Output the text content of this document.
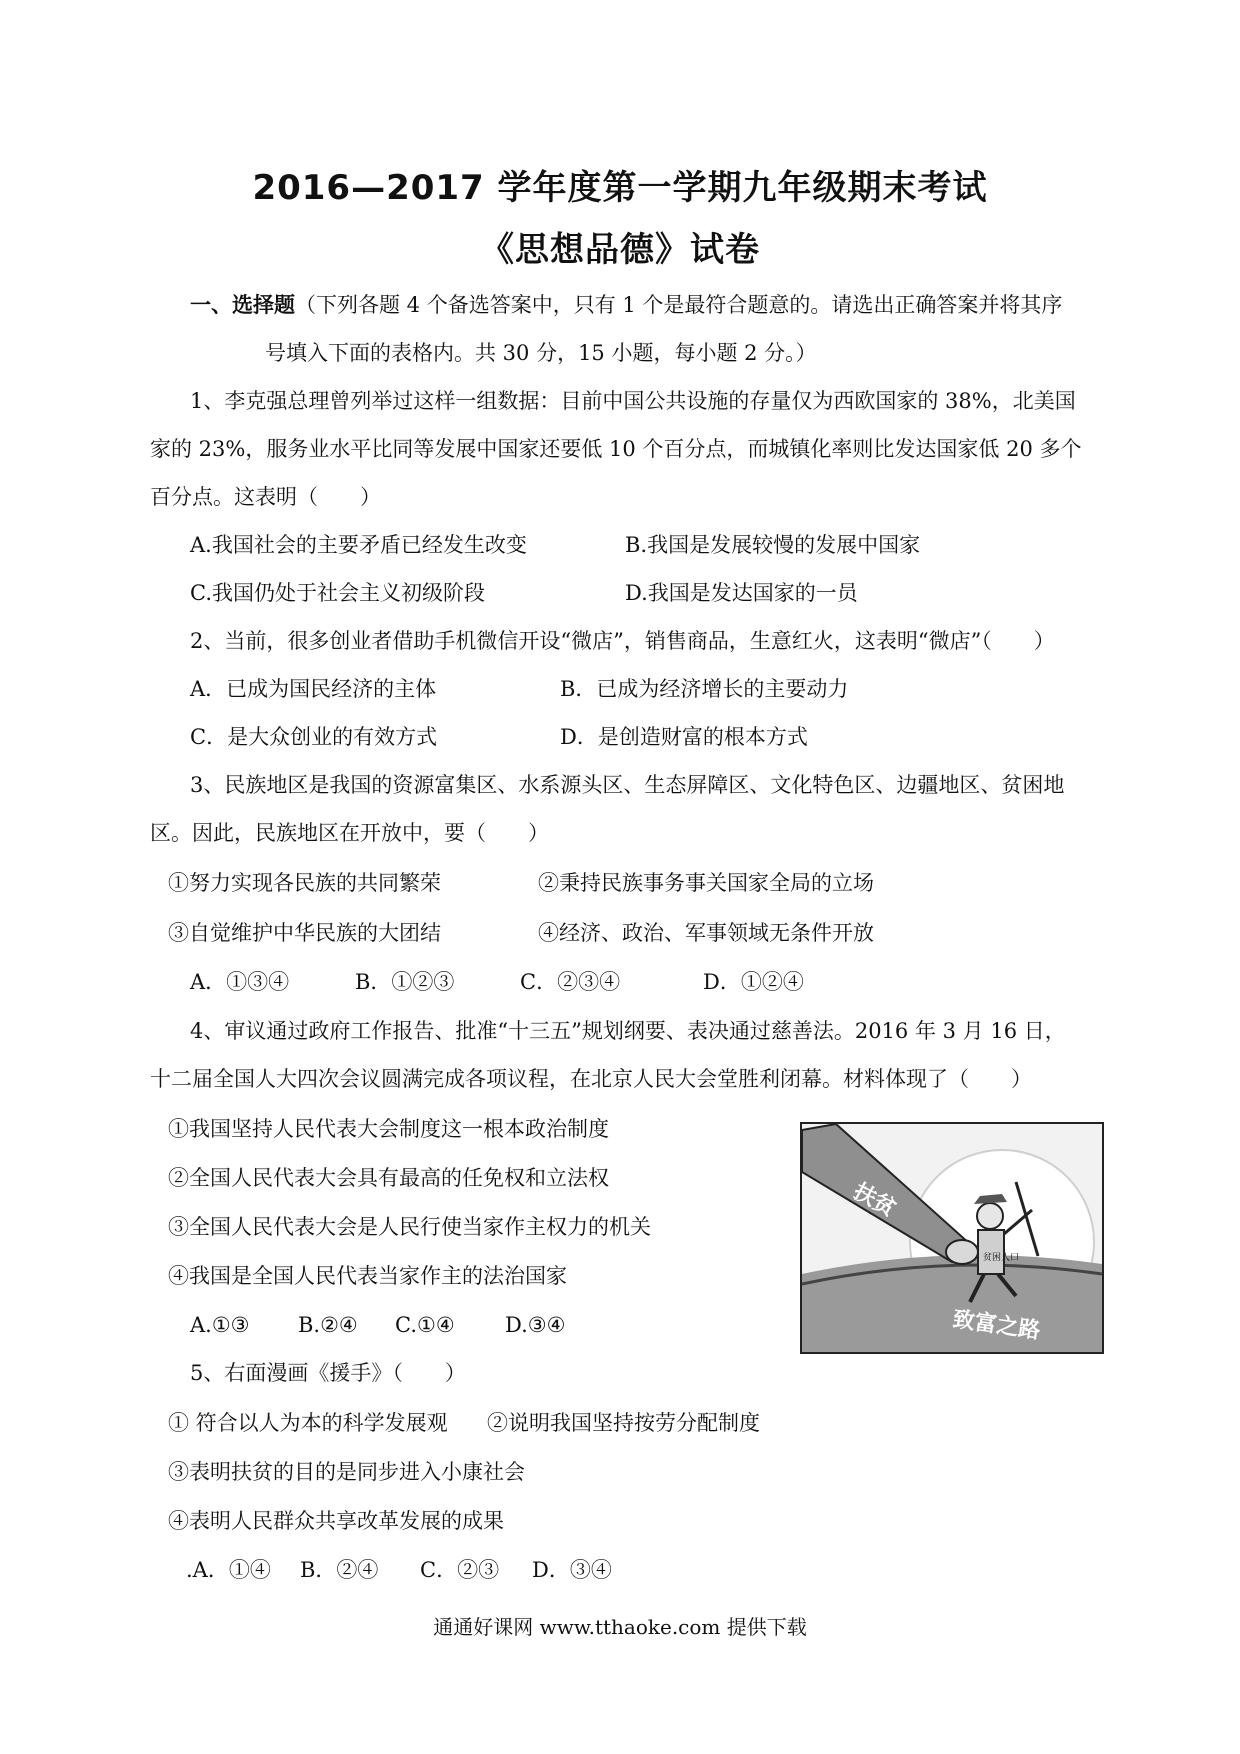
2016—2017 学年度第一学期九年级期末考试
《思想品德》试卷
一、选择题（下列各题 4 个备选答案中，只有 1 个是最符合题意的。请选出正确答案并将其序
号填入下面的表格内。共 30 分，15 小题，每小题 2 分。）
1、李克强总理曾列举过这样一组数据：目前中国公共设施的存量仅为西欧国家的 38%，北美国
家的 23%，服务业水平比同等发展中国家还要低 10 个百分点，而城镇化率则比发达国家低 20 多个
百分点。这表明（　　）
A.我国社会的主要矛盾已经发生改变	B.我国是发展较慢的发展中国家
C.我国仍处于社会主义初级阶段	D.我国是发达国家的一员
2、当前，很多创业者借助手机微信开设“微店”，销售商品，生意红火，这表明“微店”（　　）
A．已成为国民经济的主体	B．已成为经济增长的主要动力
C．是大众创业的有效方式	D．是创造财富的根本方式
3、民族地区是我国的资源富集区、水系源头区、生态屏障区、文化特色区、边疆地区、贫困地
区。因此，民族地区在开放中，要（　　）
①努力实现各民族的共同繁荣	②秉持民族事务事关国家全局的立场
③自觉维护中华民族的大团结	④经济、政治、军事领域无条件开放
A．①③④	B．①②③	C．②③④	D．①②④
4、审议通过政府工作报告、批准“十三五”规划纲要、表决通过慈善法。2016 年 3 月 16 日，
十二届全国人大四次会议圆满完成各项议程，在北京人民大会堂胜利闭幕。材料体现了（　　）
①我国坚持人民代表大会制度这一根本政治制度
②全国人民代表大会具有最高的任免权和立法权
③全国人民代表大会是人民行使当家作主权力的机关
④我国是全国人民代表当家作主的法治国家
A.①③ B.②④ C.①④ D.③④
5、右面漫画《援手》（　　）
① 符合以人为本的科学发展观 ②说明我国坚持按劳分配制度
③表明扶贫的目的是同步进入小康社会
④表明人民群众共享改革发展的成果
.A．①④ B．②④ C．②③ D．③④
扶贫
贫困人口
致富之路
通通好课网 www.tthaoke.com 提供下载
